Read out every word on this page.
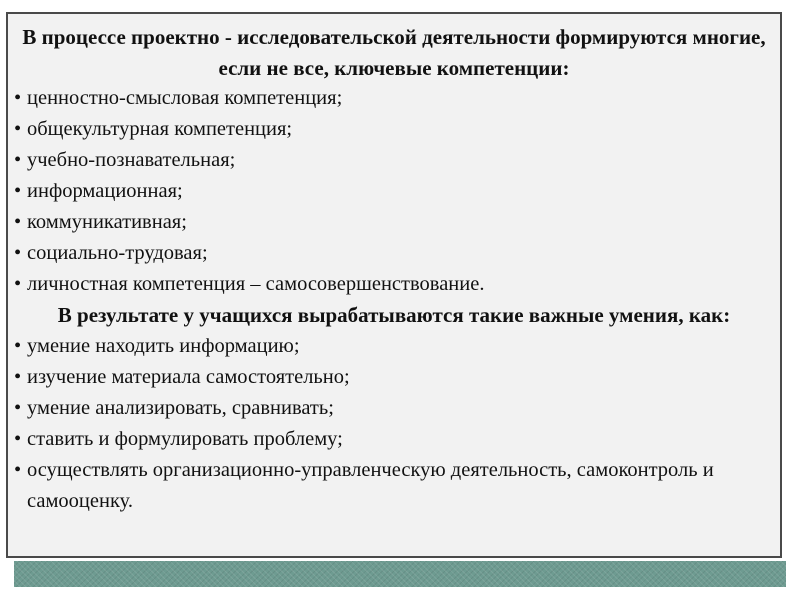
В процессе проектно - исследовательской деятельности формируются многие, если не все, ключевые компетенции:
• ценностно-смысловая компетенция;
• общекультурная компетенция;
• учебно-познавательная;
• информационная;
• коммуникативная;
• социально-трудовая;
• личностная компетенция – самосовершенствование.
В результате у учащихся вырабатываются такие важные умения, как:
• умение находить информацию;
• изучение материала самостоятельно;
• умение анализировать, сравнивать;
• ставить и формулировать проблему;
• осуществлять организационно-управленческую деятельность, самоконтроль и самооценку.
